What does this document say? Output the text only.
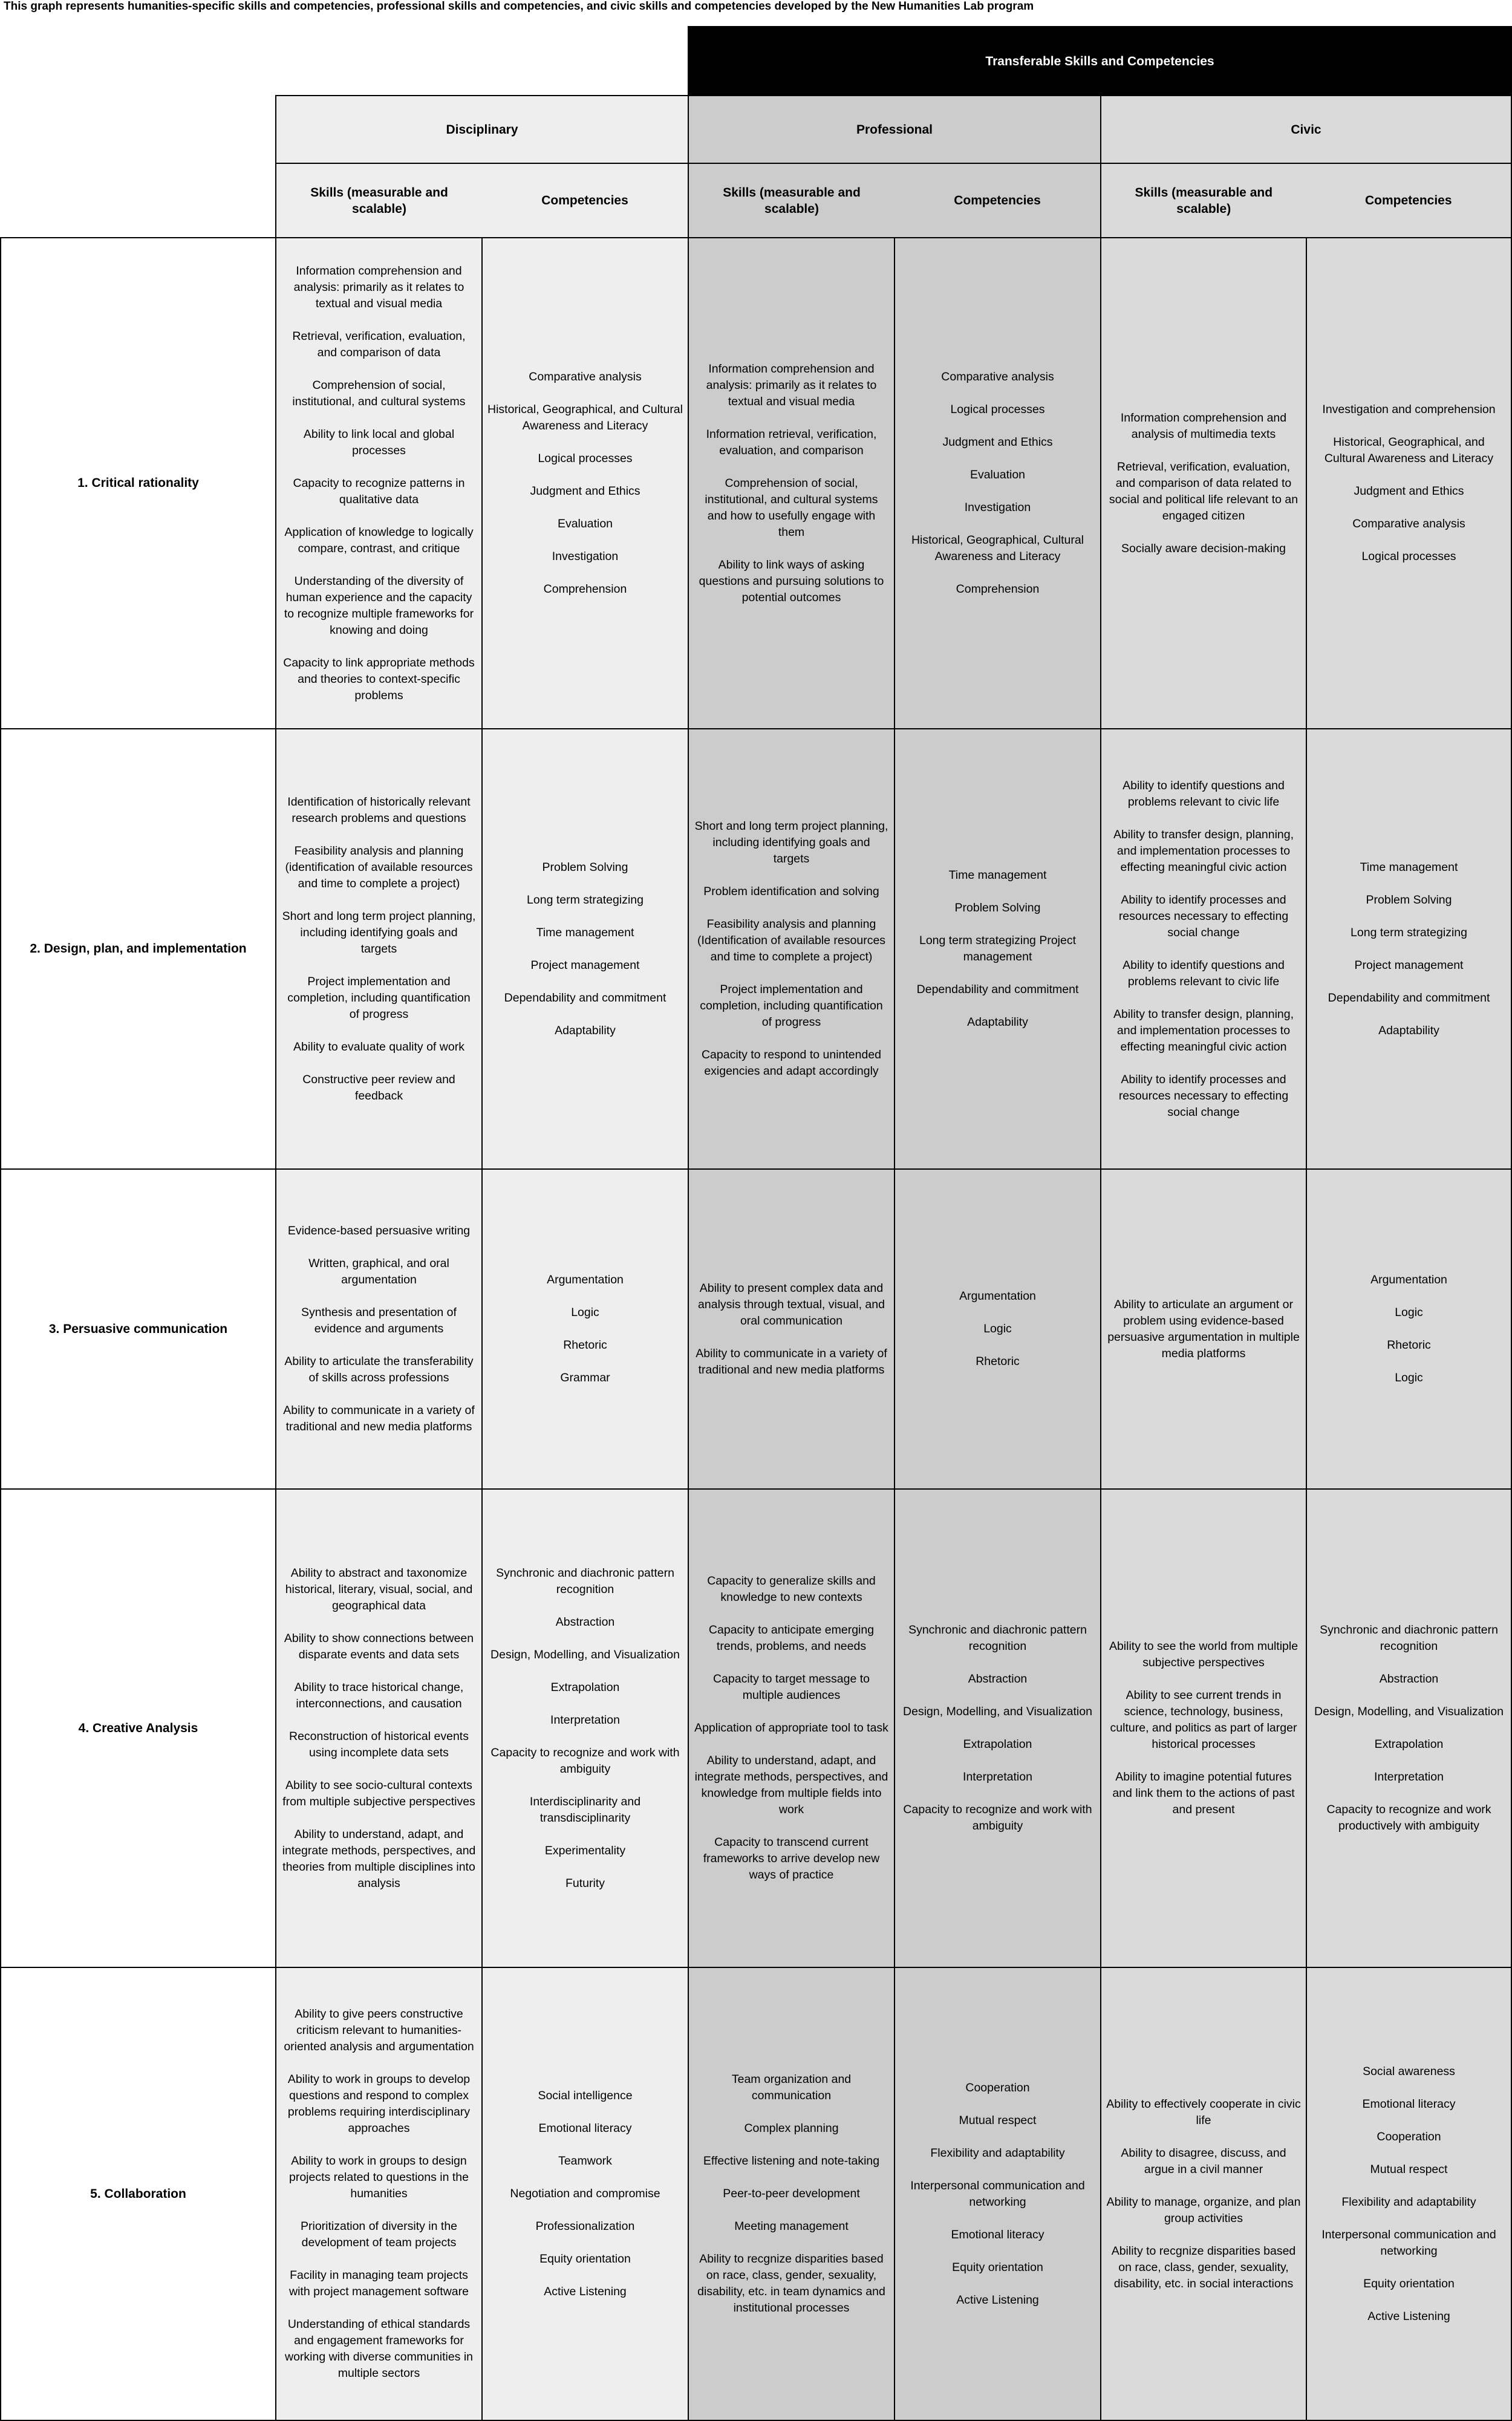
This graph represents humanities-specific skills and competencies, professional skills and competencies, and civic skills and competencies developed by the New Humanities Lab program
Transferable Skills and Competencies
Disciplinary	Professional	Civic
Skills (measurable and scalable)
Competencies
Skills (measurable and scalable)
Competencies
Skills (measurable and scalable)
Competencies
1. Critical rationality

Information comprehension and analysis: primarily as it relates to textual and visual media

Retrieval, verification, evaluation, and comparison of data

Comprehension of social, institutional, and cultural systems

Ability to link local and global processes

Capacity to recognize patterns in qualitative data

Application of knowledge to logically compare, contrast, and critique

Understanding of the diversity of human experience and the capacity to recognize multiple frameworks for knowing and doing

Capacity to link appropriate methods and theories to context-specific problems

Comparative analysis

Historical, Geographical, and Cultural Awareness and Literacy

Logical processes

Judgment and Ethics

Evaluation

Investigation

Comprehension

Information comprehension and analysis: primarily as it relates to textual and visual media

Information retrieval, verification, evaluation, and comparison

Comprehension of social, institutional, and cultural systems and how to usefully engage with them

Ability to link ways of asking questions and pursuing solutions to potential outcomes

Comparative analysis

Logical processes

Judgment and Ethics

Evaluation

Investigation

Historical, Geographical, Cultural Awareness and Literacy

Comprehension

Information comprehension and analysis of multimedia texts

Retrieval, verification, evaluation, and comparison of data related to social and political life relevant to an engaged citizen

Socially aware decision-making

Investigation and comprehension

Historical, Geographical, and Cultural Awareness and Literacy

Judgment and Ethics

Comparative analysis

Logical processes

2. Design, plan, and implementation

Identification of historically relevant research problems and questions

Feasibility analysis and planning (identification of available resources and time to complete a project)

Short and long term project planning, including identifying goals and targets

Project implementation and completion, including quantification of progress

Ability to evaluate quality of work

Constructive peer review and feedback

Problem Solving

Long term strategizing

Time management

Project management

Dependability and commitment

Adaptability

Short and long term project planning, including identifying goals and targets

Problem identification and solving

Feasibility analysis and planning (Identification of available resources and time to complete a project)

Project implementation and completion, including quantification of progress

Capacity to respond to unintended exigencies and adapt accordingly

Time management

Problem Solving

Long term strategizing Project management

Dependability and commitment

Adaptability

Ability to identify questions and problems relevant to civic life

Ability to transfer design, planning, and implementation processes to effecting meaningful civic action

Ability to identify processes and resources necessary to effecting social change

Ability to identify questions and problems relevant to civic life

Ability to transfer design, planning, and implementation processes to effecting meaningful civic action

Ability to identify processes and resources necessary to effecting social change

Time management

Problem Solving

Long term strategizing

Project management

Dependability and commitment

Adaptability

3. Persuasive communication

Evidence-based persuasive writing

Written, graphical, and oral argumentation

Synthesis and presentation of evidence and arguments

Ability to articulate the transferability of skills across professions

Ability to communicate in a variety of traditional and new media platforms

Argumentation

Logic

Rhetoric

Grammar

Ability to present complex data and analysis through textual, visual, and oral communication

Ability to communicate in a variety of traditional and new media platforms

Argumentation

Logic

Rhetoric

Ability to articulate an argument or problem using evidence-based persuasive argumentation in multiple media platforms

Argumentation

Logic

Rhetoric

Logic

4. Creative Analysis

Ability to abstract and taxonomize historical, literary, visual, social, and geographical data

Ability to show connections between disparate events and data sets

Ability to trace historical change, interconnections, and causation

Reconstruction of historical events using incomplete data sets

Ability to see socio-cultural contexts from multiple subjective perspectives

Ability to understand, adapt, and integrate methods, perspectives, and theories from multiple disciplines into analysis

Synchronic and diachronic pattern recognition

Abstraction

Design, Modelling, and Visualization

Extrapolation

Interpretation

Capacity to recognize and work with ambiguity

Interdisciplinarity and transdisciplinarity

Experimentality

Futurity

Capacity to generalize skills and knowledge to new contexts

Capacity to anticipate emerging trends, problems, and needs

Capacity to target message to multiple audiences

Application of appropriate tool to task

Ability to understand, adapt, and integrate methods, perspectives, and knowledge from multiple fields into work

Capacity to transcend current frameworks to arrive develop new ways of practice

Synchronic and diachronic pattern recognition

Abstraction

Design, Modelling, and Visualization

Extrapolation

Interpretation

Capacity to recognize and work with ambiguity

Ability to see the world from multiple subjective perspectives

Ability to see current trends in science, technology, business, culture, and politics as part of larger historical processes

Ability to imagine potential futures and link them to the actions of past and present

Synchronic and diachronic pattern recognition

Abstraction

Design, Modelling, and Visualization

Extrapolation

Interpretation

Capacity to recognize and work productively with ambiguity

5. Collaboration

Ability to give peers constructive criticism relevant to humanities-oriented analysis and argumentation

Ability to work in groups to develop questions and respond to complex problems requiring interdisciplinary approaches

Ability to work in groups to design projects related to questions in the humanities

Prioritization of diversity in the development of team projects

Facility in managing team projects with project management software

Understanding of ethical standards and engagement frameworks for working with diverse communities in multiple sectors

Social intelligence

Emotional literacy

Teamwork

Negotiation and compromise

Professionalization

Equity orientation

Active Listening

Team organization and communication

Complex planning

Effective listening and note-taking

Peer-to-peer development

Meeting management

Ability to recgnize disparities based on race, class, gender, sexuality, disability, etc. in team dynamics and institutional processes

Cooperation

Mutual respect

Flexibility and adaptability

Interpersonal communication and networking

Emotional literacy

Equity orientation

Active Listening

Ability to effectively cooperate in civic life

Ability to disagree, discuss, and argue in a civil manner

Ability to manage, organize, and plan group activities

Ability to recgnize disparities based on race, class, gender, sexuality, disability, etc. in social interactions

Social awareness

Emotional literacy

Cooperation

Mutual respect

Flexibility and adaptability

Interpersonal communication and networking

Equity orientation

Active Listening
